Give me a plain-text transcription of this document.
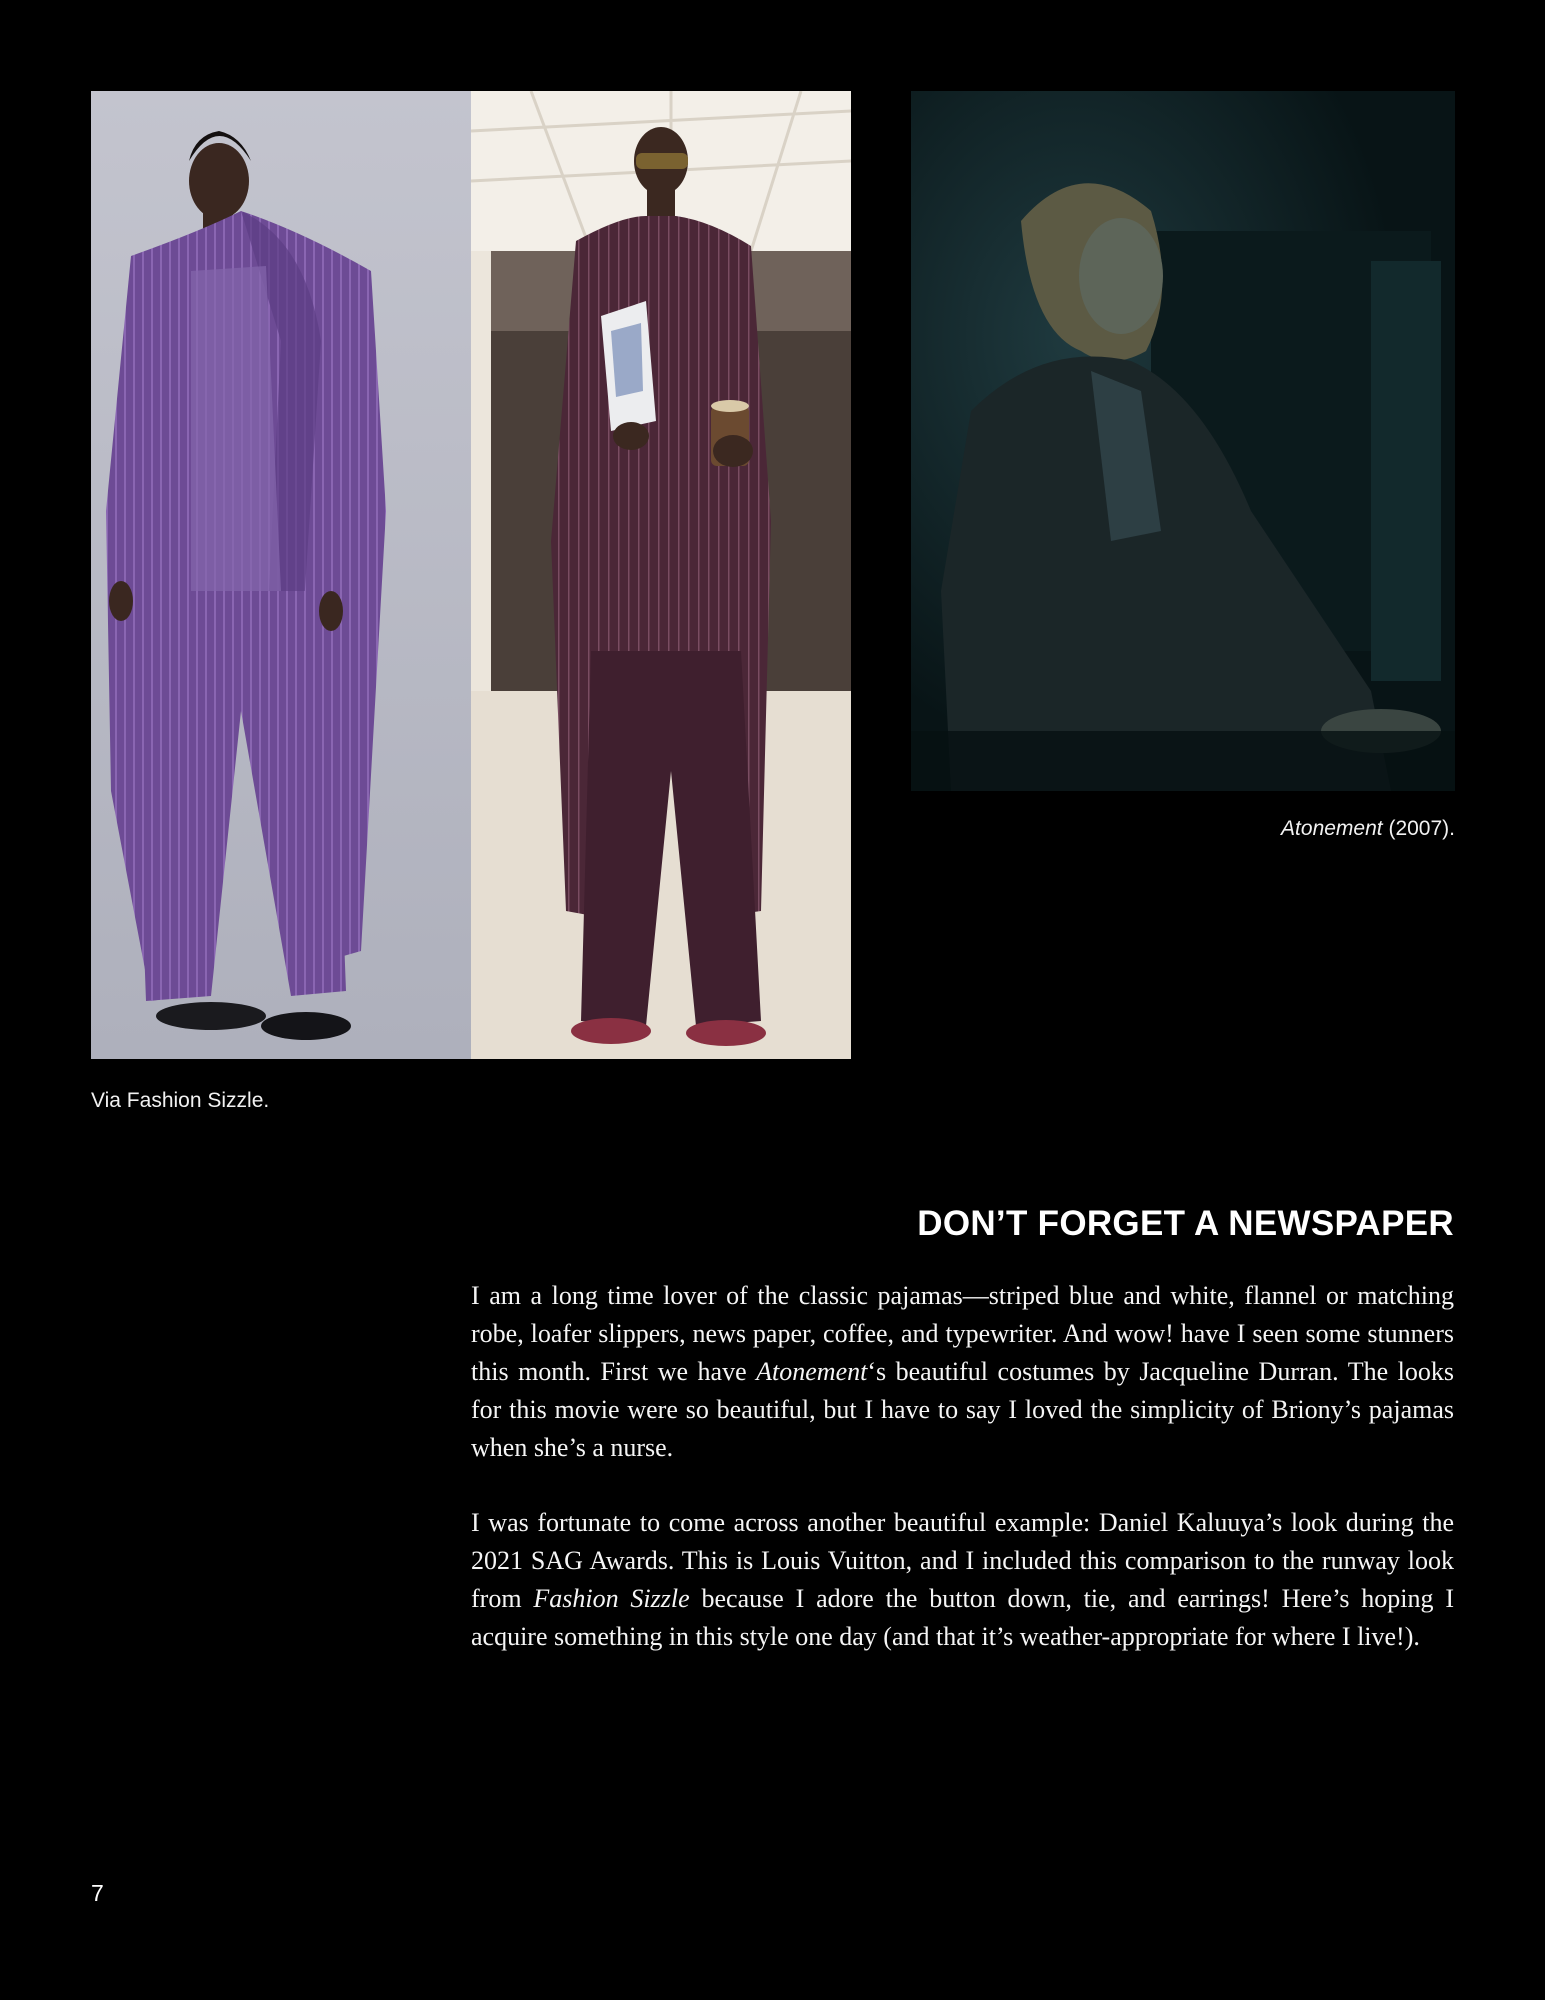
Atonement (2007).
Via Fashion Sizzle.
DON’T FORGET A NEWSPAPER

I am a long time lover of the classic pajamas—striped blue and white, flannel or matching robe, loafer slippers, news paper, coffee, and typewriter. And wow! have I seen some stunners this month. First we have Atonement‘s beautiful costumes by Jacqueline Durran. The looks for this movie were so beautiful, but I have to say I loved the simplicity of Briony’s pajamas when she’s a nurse.

I was fortunate to come across another beautiful example: Daniel Kaluuya’s look during the 2021 SAG Awards. This is Louis Vuitton, and I included this comparison to the runway look from Fashion Sizzle because I adore the button down, tie, and earrings! Here’s hoping I acquire something in this style one day (and that it’s weather-appropriate for where I live!).

7
